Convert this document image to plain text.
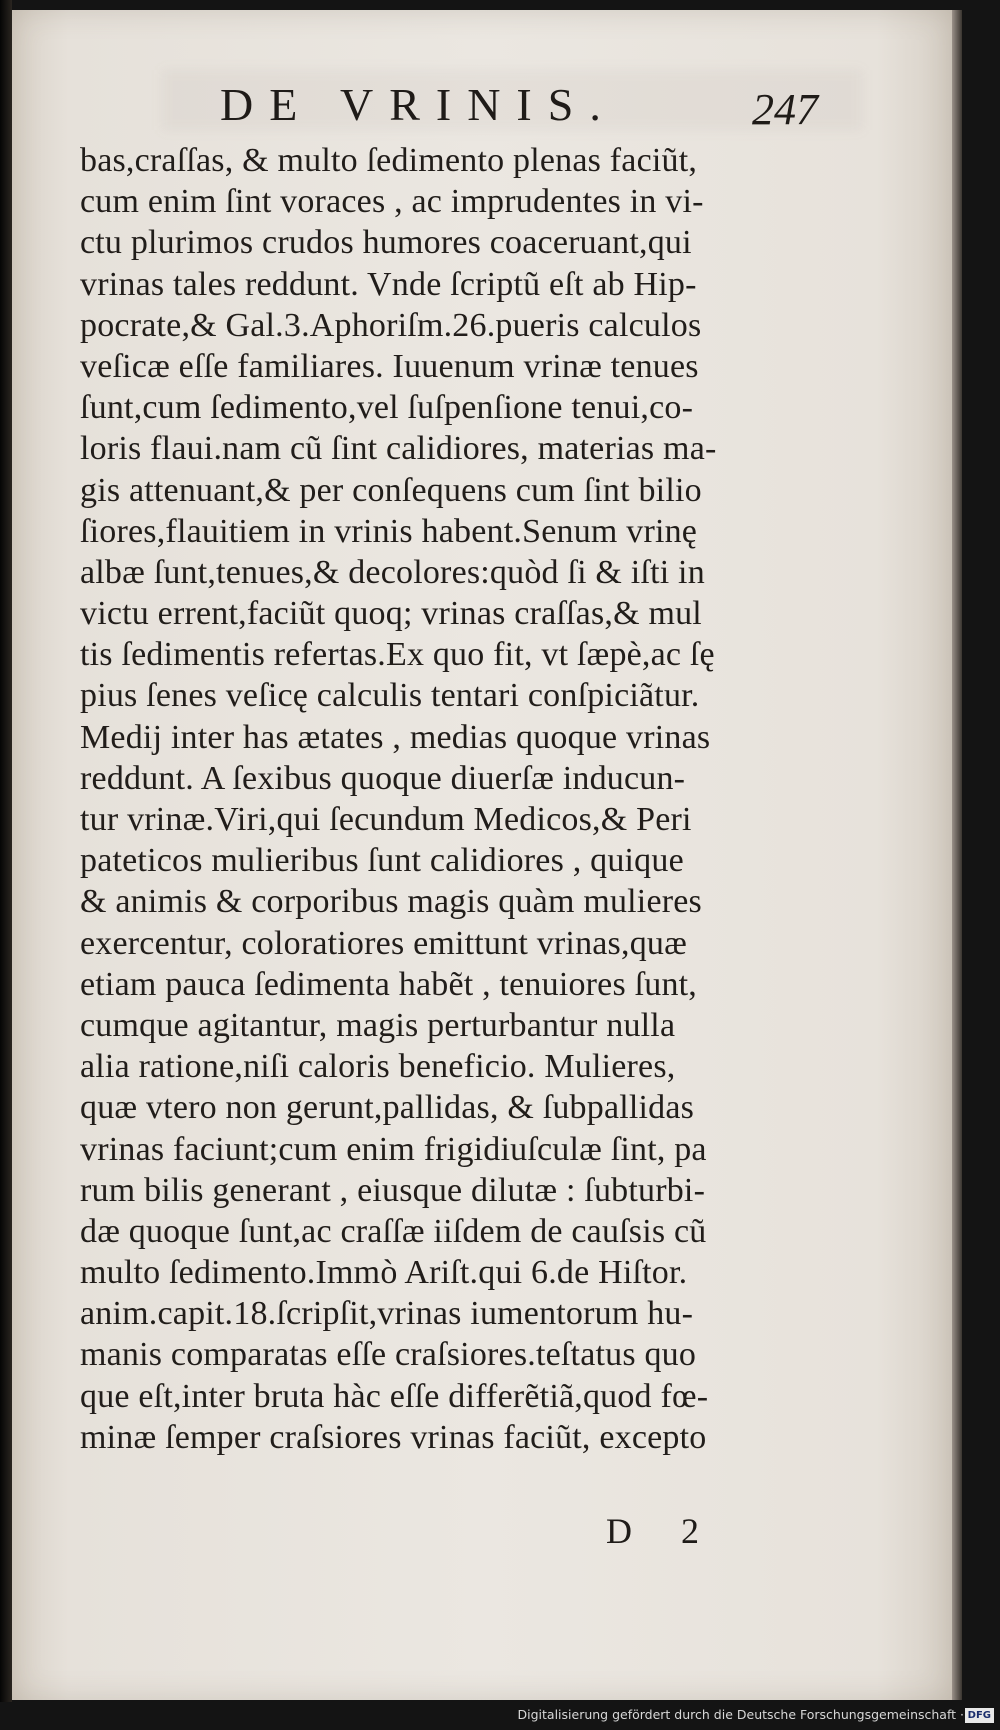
DE VRINIS.	247
bas,craſſas, & multo ſedimento plenas faciũt,
cum enim ſint voraces , ac imprudentes in vi-
ctu plurimos crudos humores coaceruant,qui
vrinas tales reddunt. Vnde ſcriptũ eſt ab Hip-
pocrate,& Gal.3.Aphoriſm.26.pueris calculos
veſicæ eſſe familiares. Iuuenum vrinæ tenues
ſunt,cum ſedimento,vel ſuſpenſione tenui,co-
loris flaui.nam cũ ſint calidiores, materias ma-
gis attenuant,& per conſequens cum ſint bilio
ſiores,flauitiem in vrinis habent.Senum vrinę
albæ ſunt,tenues,& decolores:quòd ſi & iſti in
victu errent,faciũt quoq; vrinas craſſas,& mul
tis ſedimentis refertas.Ex quo fit, vt ſæpè,ac ſę
pius ſenes veſicę calculis tentari conſpiciãtur.
Medij inter has ætates , medias quoque vrinas
reddunt. A ſexibus quoque diuerſæ inducun-
tur vrinæ.Viri,qui ſecundum Medicos,& Peri
pateticos mulieribus ſunt calidiores , quique
& animis & corporibus magis quàm mulieres
exercentur, coloratiores emittunt vrinas,quæ
etiam pauca ſedimenta habẽt , tenuiores ſunt,
cumque agitantur, magis perturbantur nulla
alia ratione,niſi caloris beneficio. Mulieres,
quæ vtero non gerunt,pallidas, & ſubpallidas
vrinas faciunt;cum enim frigidiuſculæ ſint, pa
rum bilis generant , eiusque dilutæ : ſubturbi-
dæ quoque ſunt,ac craſſæ iiſdem de cauſsis cũ
multo ſedimento.Immò Ariſt.qui 6.de Hiſtor.
anim.capit.18.ſcripſit,vrinas iumentorum hu-
manis comparatas eſſe craſsiores.teſtatus quo
que eſt,inter bruta hàc eſſe differẽtiã,quod fœ-
minæ ſemper craſsiores vrinas faciũt, excepto
D 2
Digitalisierung gefördert durch die Deutsche Forschungsgemeinschaft · DFG
